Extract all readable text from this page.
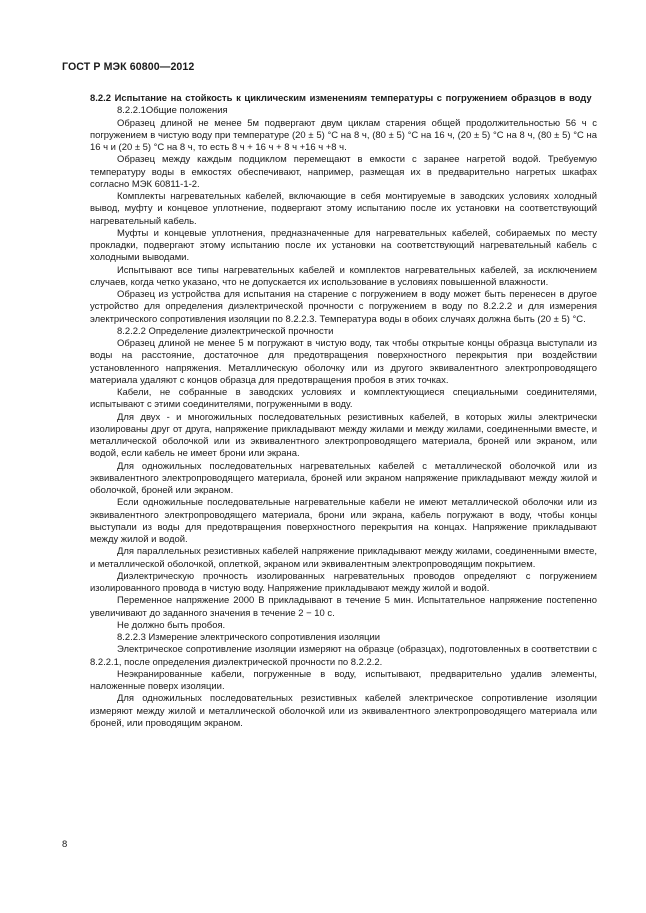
ГОСТ Р МЭК 60800—2012
8.2.2 Испытание на стойкость к циклическим изменениям температуры с погружением образцов в воду

8.2.2.1Общие положения

Образец длиной не менее 5м подвергают двум циклам старения общей продолжительностью 56 ч с погружением в чистую воду при температуре (20 ± 5) °С на 8 ч, (80 ± 5) °С на 16 ч, (20 ± 5) °С на 8 ч, (80 ± 5) °С на 16 ч и (20 ± 5) °С на 8 ч, то есть 8 ч + 16 ч + 8 ч +16 ч +8 ч.

Образец между каждым подциклом перемещают в емкости с заранее нагретой водой. Требуемую температуру воды в емкостях обеспечивают, например, размещая их в предварительно нагретых шкафах согласно МЭК 60811-1-2.

Комплекты нагревательных кабелей, включающие в себя монтируемые в заводских условиях холодный вывод, муфту и концевое уплотнение, подвергают этому испытанию после их установки на соответствующий нагревательный кабель.

Муфты и концевые уплотнения, предназначенные для нагревательных кабелей, собираемых по месту прокладки, подвергают этому испытанию после их установки на соответствующий нагревательный кабель с холодными выводами.

Испытывают все типы нагревательных кабелей и комплектов нагревательных кабелей, за исключением случаев, когда четко указано, что не допускается их использование в условиях повышенной влажности.

Образец из устройства для испытания на старение с погружением в воду может быть перенесен в другое устройство для определения диэлектрической прочности с погружением в воду по 8.2.2.2 и для измерения электрического сопротивления изоляции по 8.2.2.3. Температура воды в обоих случаях должна быть (20 ± 5) °С.

8.2.2.2 Определение диэлектрической прочности

Образец длиной не менее 5 м погружают в чистую воду, так чтобы открытые концы образца выступали из воды на расстояние, достаточное для предотвращения поверхностного перекрытия при воздействии установленного напряжения. Металлическую оболочку или из другого эквивалентного электропроводящего материала удаляют с концов образца для предотвращения пробоя в этих точках.

Кабели, не собранные в заводских условиях и комплектующиеся специальными соединителями, испытывают с этими соединителями, погруженными в воду.

Для двух - и многожильных последовательных резистивных кабелей, в которых жилы электрически изолированы друг от друга, напряжение прикладывают между жилами и между жилами, соединенными вместе, и металлической оболочкой или из эквивалентного электропроводящего материала, броней или экраном, или водой, если кабель не имеет брони или экрана.

Для одножильных последовательных нагревательных кабелей с металлической оболочкой или из эквивалентного электропроводящего материала, броней или экраном напряжение прикладывают между жилой и оболочкой, броней или экраном.

Если одножильные последовательные нагревательные кабели не имеют металлической оболочки или из эквивалентного электропроводящего материала, брони или экрана, кабель погружают в воду, чтобы концы выступали из воды для предотвращения поверхностного перекрытия на концах. Напряжение прикладывают между жилой и водой.

Для параллельных резистивных кабелей напряжение прикладывают между жилами, соединенными вместе, и металлической оболочкой, оплеткой, экраном или эквивалентным электропроводящим покрытием.

Диэлектрическую прочность изолированных нагревательных проводов определяют с погружением изолированного провода в чистую воду. Напряжение прикладывают между жилой и водой.

Переменное напряжение 2000 В прикладывают в течение 5 мин. Испытательное напряжение постепенно увеличивают до заданного значения в течение 2 − 10 с.

Не должно быть пробоя.

8.2.2.3 Измерение электрического сопротивления изоляции

Электрическое сопротивление изоляции измеряют на образце (образцах), подготовленных в соответствии с 8.2.2.1, после определения диэлектрической прочности по 8.2.2.2.

Неэкранированные кабели, погруженные в воду, испытывают, предварительно удалив элементы, наложенные поверх изоляции.

Для одножильных последовательных резистивных кабелей электрическое сопротивление изоляции измеряют между жилой и металлической оболочкой или из эквивалентного электропроводящего материала или броней, или проводящим экраном.

8
